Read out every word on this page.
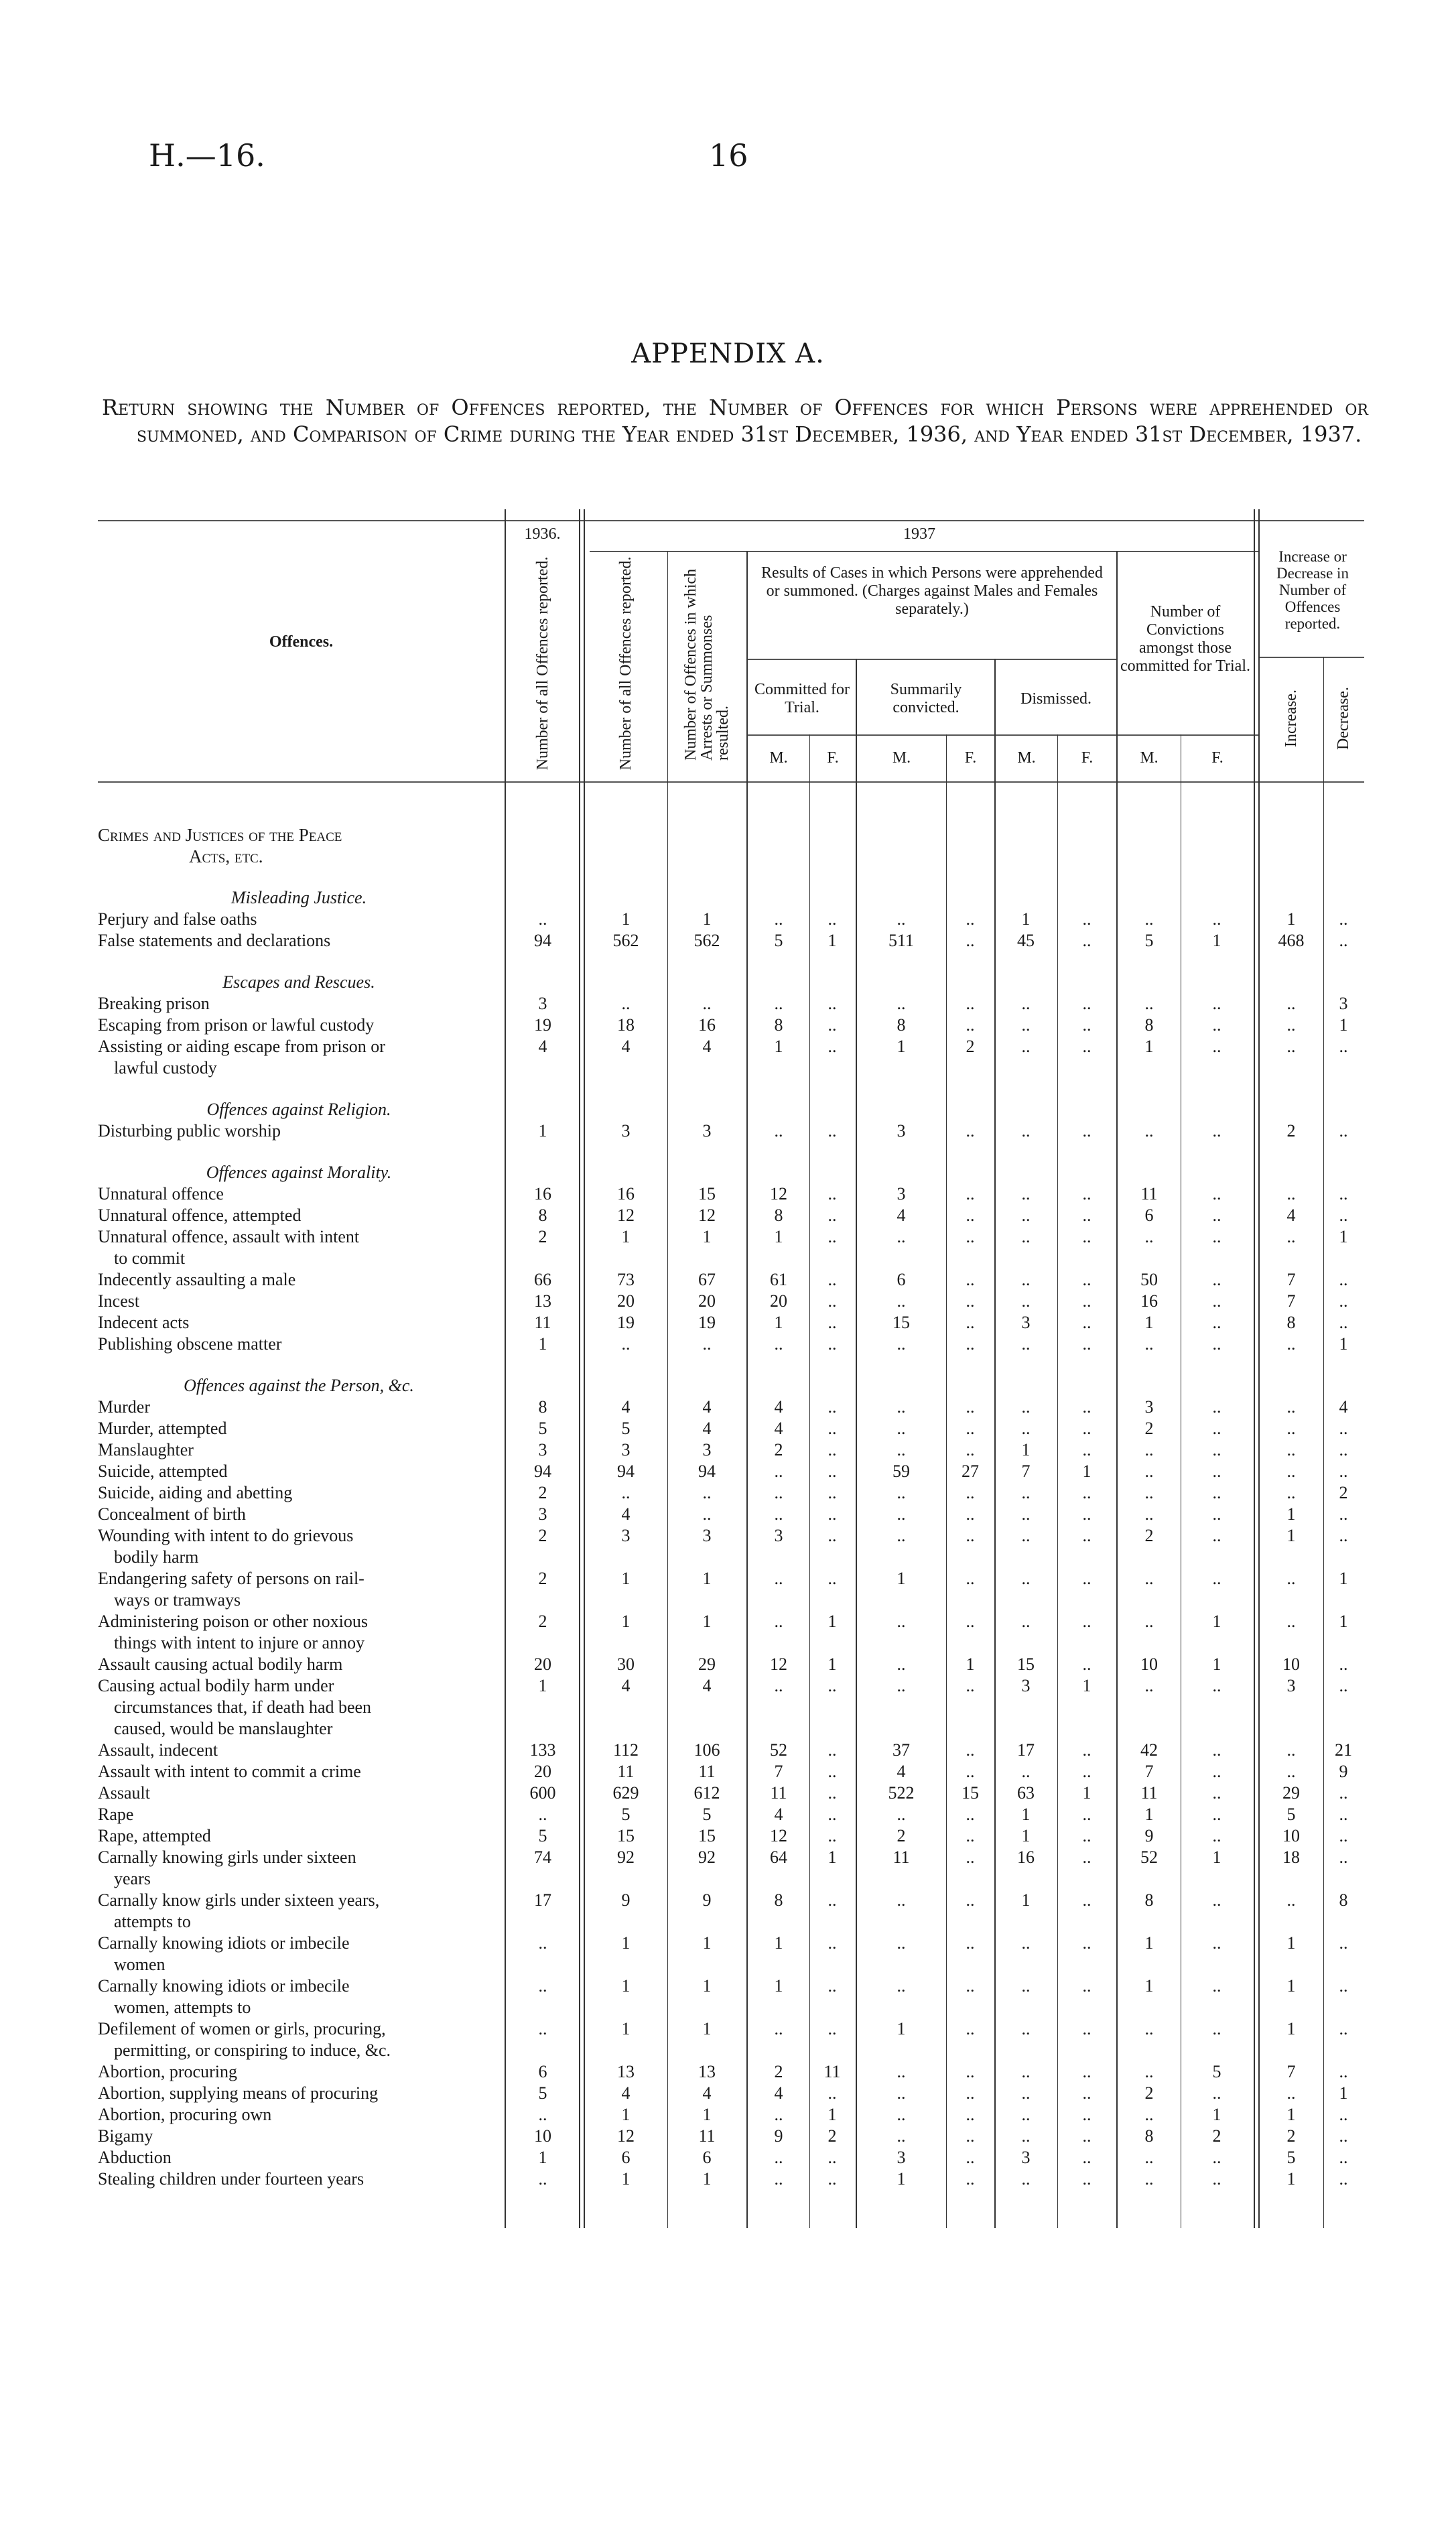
H.—16.	16
APPENDIX A.
Return showing the Number of Offences reported, the Number of Offences for which Persons were apprehended or summoned, and Comparison of Crime during the Year ended 31st December, 1936, and Year ended 31st December, 1937.
Offences.
1936.	1937
Number of all Offences reported.	Number of all Offences reported.	Number of Offences in which Arrests or Summonses resulted.
Results of Cases in which Persons were apprehended or summoned. (Charges against Males and Females separately.)
Committed for Trial.
Summarily convicted.	Dismissed.
Number of Convictions amongst those committed for Trial.
Increase or Decrease in Number of Offences reported.
Increase. Decrease.
M.	F.	M.	F.	M.	F.	M.	F.
Crimes and Justices of the Peace
Acts, etc.
Misleading Justice.
Perjury and false oaths	..	1	1	..	..	..	..	1	..	..	..	1	..
False statements and declarations	94	562	562	5	1	511	..	45	..	5	1	468	..
Escapes and Rescues.
Breaking prison	3	..	..	..	..	..	..	..	..	..	..	..	3
Escaping from prison or lawful custody	19	18	16	8	..	8	..	..	..	8	..	..	1
Assisting or aiding escape from prison or	4	4	4	1	..	1	2	..	..	1	..	..	..
lawful custody
Offences against Religion.
Disturbing public worship	1	3	3	..	..	3	..	..	..	..	..	2	..
Offences against Morality.
Unnatural offence	16	16	15	12	..	3	..	..	..	11	..	..	..
Unnatural offence, attempted	8	12	12	8	..	4	..	..	..	6	..	4	..
Unnatural offence, assault with intent	2	1	1	1	..	..	..	..	..	..	..	..	1
to commit
Indecently assaulting a male	66	73	67	61	..	6	..	..	..	50	..	7	..
Incest	13	20	20	20	..	..	..	..	..	16	..	7	..
Indecent acts	11	19	19	1	..	15	..	3	..	1	..	8	..
Publishing obscene matter	1	..	..	..	..	..	..	..	..	..	..	..	1
Offences against the Person, &c.
Murder	8	4	4	4	..	..	..	..	..	3	..	..	4
Murder, attempted	5	5	4	4	..	..	..	..	..	2	..	..	..
Manslaughter	3	3	3	2	..	..	..	1	..	..	..	..	..
Suicide, attempted	94	94	94	..	..	59	27	7	1	..	..	..	..
Suicide, aiding and abetting	2	..	..	..	..	..	..	..	..	..	..	..	2
Concealment of birth	3	4	..	..	..	..	..	..	..	..	..	1	..
Wounding with intent to do grievous	2	3	3	3	..	..	..	..	..	2	..	1	..
bodily harm
Endangering safety of persons on rail-	2	1	1	..	..	1	..	..	..	..	..	..	1
ways or tramways
Administering poison or other noxious	2	1	1	..	1	..	..	..	..	..	1	..	1
things with intent to injure or annoy
Assault causing actual bodily harm	20	30	29	12	1	..	1	15	..	10	1	10	..
Causing actual bodily harm under	1	4	4	..	..	..	..	3	1	..	..	3	..
circumstances that, if death had been
caused, would be manslaughter
Assault, indecent	133	112	106	52	..	37	..	17	..	42	..	..	21
Assault with intent to commit a crime	20	11	11	7	..	4	..	..	..	7	..	..	9
Assault	600	629	612	11	..	522	15	63	1	11	..	29	..
Rape	..	5	5	4	..	..	..	1	..	1	..	5	..
Rape, attempted	5	15	15	12	..	2	..	1	..	9	..	10	..
Carnally knowing girls under sixteen	74	92	92	64	1	11	..	16	..	52	1	18	..
years
Carnally know girls under sixteen years,	17	9	9	8	..	..	..	1	..	8	..	..	8
attempts to
Carnally knowing idiots or imbecile	..	1	1	1	..	..	..	..	..	1	..	1	..
women
Carnally knowing idiots or imbecile	..	1	1	1	..	..	..	..	..	1	..	1	..
women, attempts to
Defilement of women or girls, procuring,	..	1	1	..	..	1	..	..	..	..	..	1	..
permitting, or conspiring to induce, &c.
Abortion, procuring	6	13	13	2	11	..	..	..	..	..	5	7	..
Abortion, supplying means of procuring	5	4	4	4	..	..	..	..	..	2	..	..	1
Abortion, procuring own	..	1	1	..	1	..	..	..	..	..	1	1	..
Bigamy	10	12	11	9	2	..	..	..	..	8	2	2	..
Abduction	1	6	6	..	..	3	..	3	..	..	..	5	..
Stealing children under fourteen years	..	1	1	..	..	1	..	..	..	..	..	1	..
